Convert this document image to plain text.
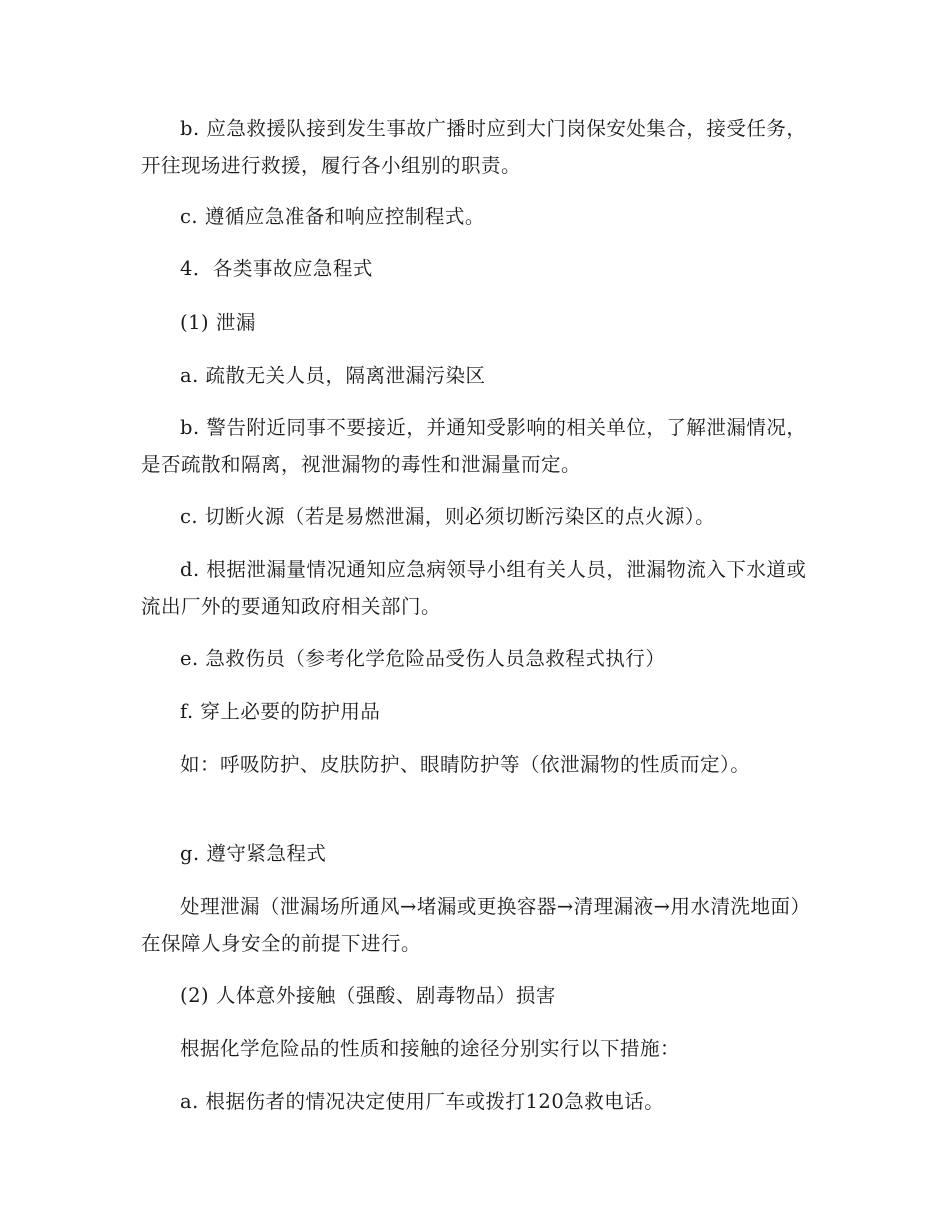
b. 应急救援队接到发生事故广播时应到大门岗保安处集合，接受任务，开往现场进行救援，履行各小组别的职责。

c. 遵循应急准备和响应控制程式。

4．各类事故应急程式

(1) 泄漏

a. 疏散无关人员，隔离泄漏污染区

b. 警告附近同事不要接近，并通知受影响的相关单位，了解泄漏情况，是否疏散和隔离，视泄漏物的毒性和泄漏量而定。

c. 切断火源（若是易燃泄漏，则必须切断污染区的点火源）。

d. 根据泄漏量情况通知应急病领导小组有关人员，泄漏物流入下水道或流出厂外的要通知政府相关部门。

e. 急救伤员（参考化学危险品受伤人员急救程式执行）

f. 穿上必要的防护用品

如：呼吸防护、皮肤防护、眼睛防护等（依泄漏物的性质而定）。

g. 遵守紧急程式

处理泄漏（泄漏场所通风→堵漏或更换容器→清理漏液→用水清洗地面）在保障人身安全的前提下进行。

(2) 人体意外接触（强酸、剧毒物品）损害

根据化学危险品的性质和接触的途径分别实行以下措施：

a. 根据伤者的情况决定使用厂车或拨打120急救电话。
